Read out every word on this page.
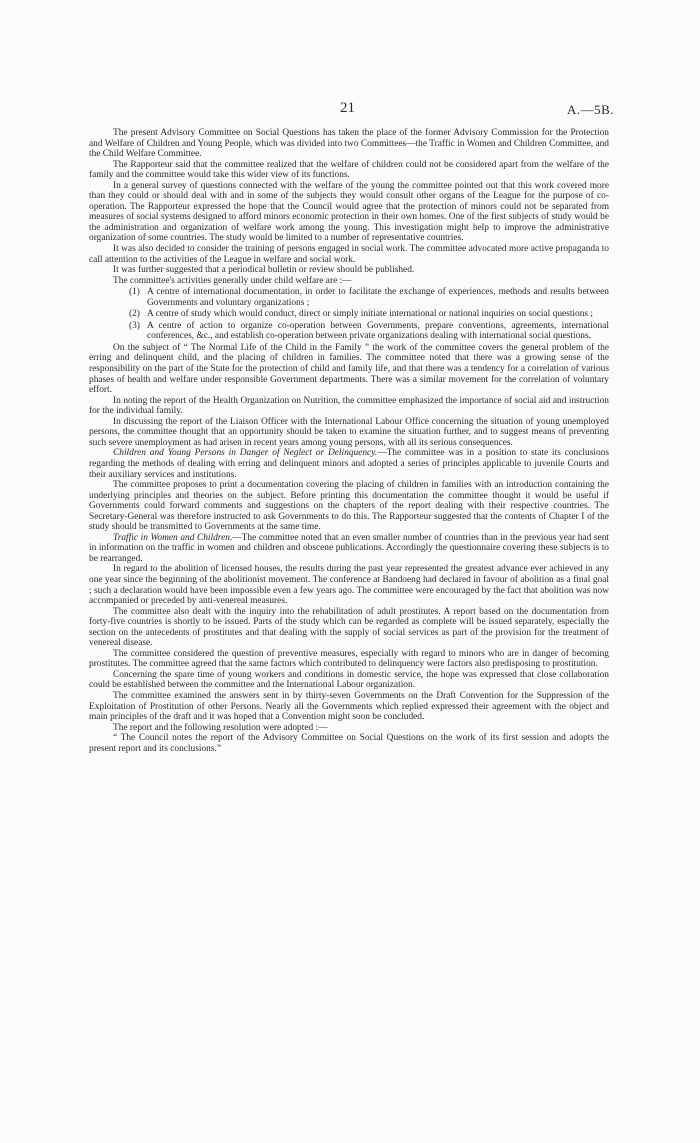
21	A.—5B.

The present Advisory Committee on Social Questions has taken the place of the former Advisory Commission for the Protection and Welfare of Children and Young People, which was divided into two Committees—the Traffic in Women and Children Committee, and the Child Welfare Committee.

The Rapporteur said that the committee realized that the welfare of children could not be considered apart from the welfare of the family and the committee would take this wider view of its functions.

In a general survey of questions connected with the welfare of the young the committee pointed out that this work covered more than they could or should deal with and in some of the subjects they would consult other organs of the League for the purpose of co-operation. The Rapporteur expressed the hope that the Council would agree that the protection of minors could not be separated from measures of social systems designed to afford minors economic protection in their own homes. One of the first subjects of study would be the administration and organization of welfare work among the young. This investigation might help to improve the administrative organization of some countries. The study would be limited to a number of representative countries.

It was also decided to consider the training of persons engaged in social work. The committee advocated more active propaganda to call attention to the activities of the League in welfare and social work.

It was further suggested that a periodical bulletin or review should be published.

The committee's activities generally under child welfare are :—

(1) A centre of international documentation, in order to facilitate the exchange of experiences, methods and results between Governments and voluntary organizations ;
(2) A centre of study which would conduct, direct or simply initiate international or national inquiries on social questions ;
(3) A centre of action to organize co-operation between Governments, prepare conventions, agreements, international conferences, &c., and establish co-operation between private organizations dealing with international social questions.

On the subject of “ The Normal Life of the Child in the Family ” the work of the committee covers the general problem of the erring and delinquent child, and the placing of children in families. The committee noted that there was a growing sense of the responsibility on the part of the State for the protection of child and family life, and that there was a tendency for a correlation of various phases of health and welfare under responsible Government departments. There was a similar movement for the correlation of voluntary effort.

In noting the report of the Health Organization on Nutrition, the committee emphasized the importance of social aid and instruction for the individual family.

In discussing the report of the Liaison Officer with the International Labour Office concerning the situation of young unemployed persons, the committee thought that an opportunity should be taken to examine the situation further, and to suggest means of preventing such severe unemployment as had arisen in recent years among young persons, with all its serious consequences.

Children and Young Persons in Danger of Neglect or Delinquency.—The committee was in a position to state its conclusions regarding the methods of dealing with erring and delinquent minors and adopted a series of principles applicable to juvenile Courts and their auxiliary services and institutions.

The committee proposes to print a documentation covering the placing of children in families with an introduction containing the underlying principles and theories on the subject. Before printing this documentation the committee thought it would be useful if Governments could forward comments and suggestions on the chapters of the report dealing with their respective countries. The Secretary-General was therefore instructed to ask Governments to do this. The Rapporteur suggested that the contents of Chapter I of the study should be transmitted to Governments at the same time.

Traffic in Women and Children.—The committee noted that an even smaller number of countries than in the previous year had sent in information on the traffic in women and children and obscene publications. Accordingly the questionnaire covering these subjects is to be rearranged.

In regard to the abolition of licensed houses, the results during the past year represented the greatest advance ever achieved in any one year since the beginning of the abolitionist movement. The conference at Bandoeng had declared in favour of abolition as a final goal ; such a declaration would have been impossible even a few years ago. The committee were encouraged by the fact that abolition was now accompanied or preceded by anti-venereal measures.

The committee also dealt with the inquiry into the rehabilitation of adult prostitutes. A report based on the documentation from forty-five countries is shortly to be issued. Parts of the study which can be regarded as complete will be issued separately, especially the section on the antecedents of prostitutes and that dealing with the supply of social services as part of the provision for the treatment of venereal disease.

The committee considered the question of preventive measures, especially with regard to minors who are in danger of becoming prostitutes. The committee agreed that the same factors which contributed to delinquency were factors also predisposing to prostitution.

Concerning the spare time of young workers and conditions in domestic service, the hope was expressed that close collaboration could be established between the committee and the International Labour organization.

The committee examined the answers sent in by thirty-seven Governments on the Draft Convention for the Suppression of the Exploitation of Prostitution of other Persons. Nearly all the Governments which replied expressed their agreement with the object and main principles of the draft and it was hoped that a Convention might soon be concluded.

The report and the following resolution were adopted :—

“ The Council notes the report of the Advisory Committee on Social Questions on the work of its first session and adopts the present report and its conclusions.”
